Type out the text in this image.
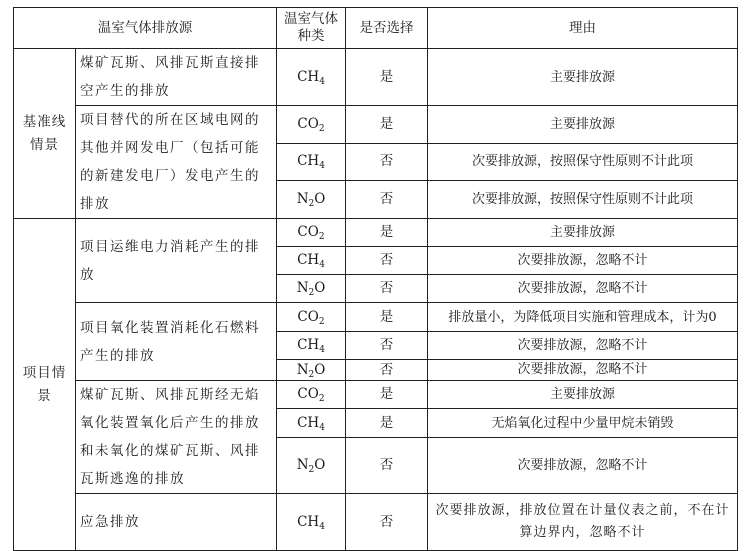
温室气体排放源		温室气体种类	是否选择	理由
基准线情景	煤矿瓦斯、风排瓦斯直接排空产生的排放	$CH_4$	是	主要排放源
	项目替代的所在区域电网的其他并网发电厂（包括可能的新建发电厂）发电产生的排放	$CO_2$	是	主要排放源
		$CH_4$	否	次要排放源，按照保守性原则不计此项
		$N_2O$	否	次要排放源，按照保守性原则不计此项
项目情景	项目运维电力消耗产生的排放	$CO_2$	是	主要排放源
		$CH_4$	否	次要排放源，忽略不计
		$N_2O$	否	次要排放源，忽略不计
	项目氧化装置消耗化石燃料产生的排放	$CO_2$	是	排放量小，为降低项目实施和管理成本，计为0
		$CH_4$	否	次要排放源，忽略不计
		$N_2O$	否	次要排放源，忽略不计
	煤矿瓦斯、风排瓦斯经无焰氧化装置氧化后产生的排放和未氧化的煤矿瓦斯、风排瓦斯逃逸的排放	$CO_2$	是	主要排放源
		$CH_4$	是	无焰氧化过程中少量甲烷未销毁
		$N_2O$	否	次要排放源，忽略不计
	应急排放	$CH_4$	否	次要排放源，排放位置在计量仪表之前，不在计算边界内，忽略不计
